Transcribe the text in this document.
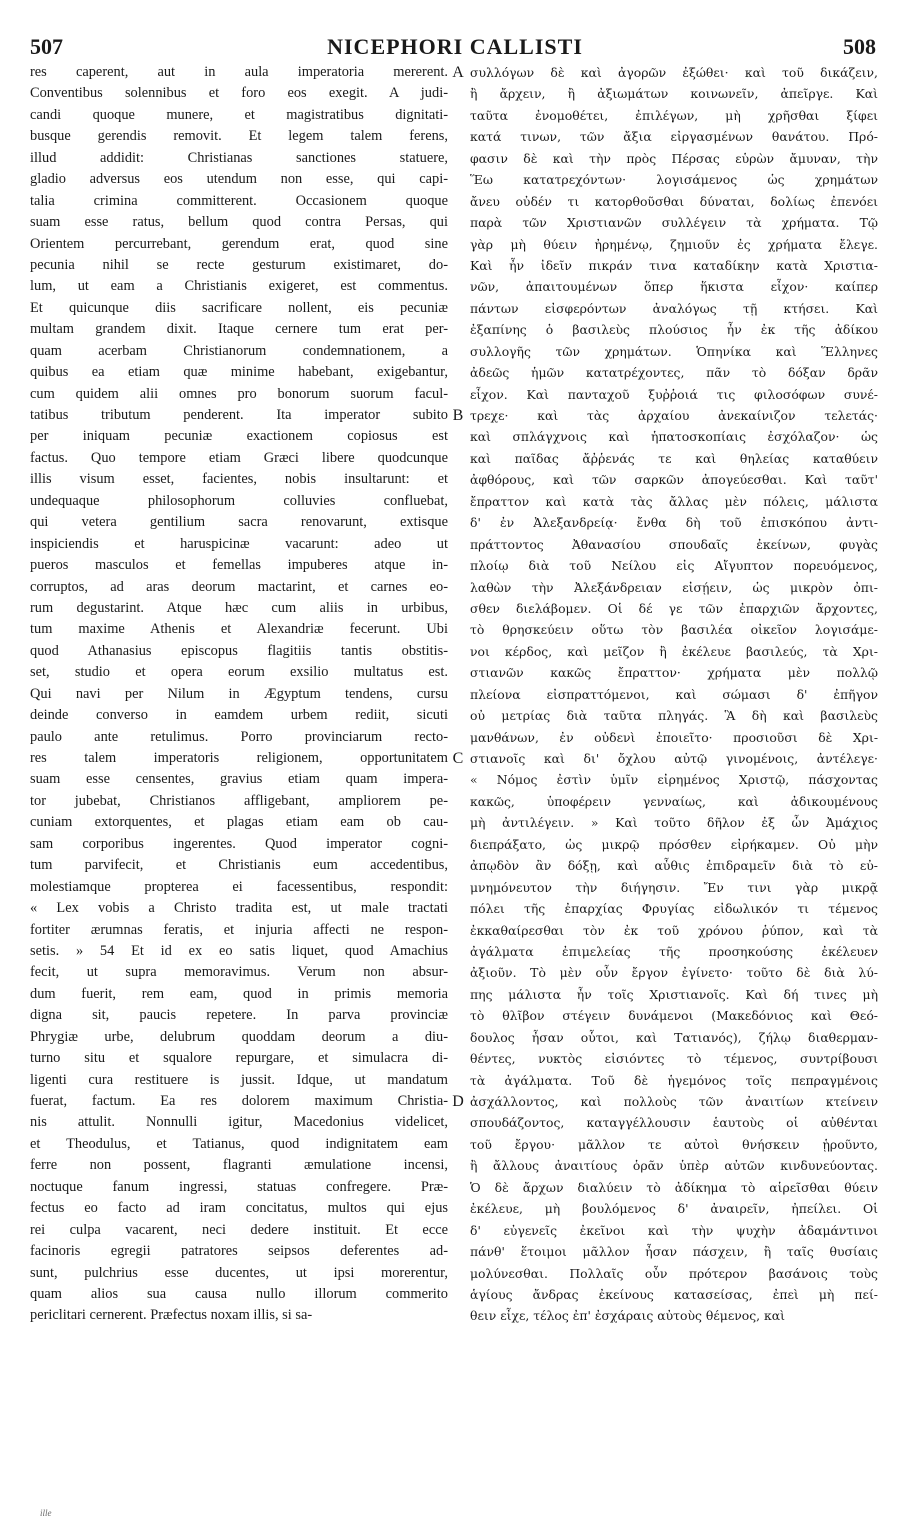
507	NICEPHORI CALLISTI	508
res caperent, aut in aula imperatoria mererent.
Conventibus solennibus et foro eos exegit. A judi-
candi quoque munere, et magistratibus dignitati-
busque gerendis removit. Et legem talem ferens,
illud addidit: Christianas sanctiones statuere,
gladio adversus eos utendum non esse, qui capi-
talia crimina committerent. Occasionem quoque
suam esse ratus, bellum quod contra Persas, qui
Orientem percurrebant, gerendum erat, quod sine
pecunia nihil se recte gesturum existimaret, do-
lum, ut eam a Christianis exigeret, est commentus.
Et quicunque diis sacrificare nollent, eis pecuniæ
multam grandem dixit. Itaque cernere tum erat per-
quam acerbam Christianorum condemnationem, a
quibus ea etiam quæ minime habebant, exigebantur,
cum quidem alii omnes pro bonorum suorum facul-
tatibus tributum penderent. Ita imperator subito
per iniquam pecuniæ exactionem copiosus est
factus. Quo tempore etiam Græci libere quodcunque
illis visum esset, facientes, nobis insultarunt: et
undequaque philosophorum colluvies confluebat,
qui vetera gentilium sacra renovarunt, extisque
inspiciendis et haruspicinæ vacarunt: adeo ut
pueros masculos et femellas impuberes atque in-
corruptos, ad aras deorum mactarint, et carnes eo-
rum degustarint. Atque hæc cum aliis in urbibus,
tum maxime Athenis et Alexandriæ fecerunt. Ubi
quod Athanasius episcopus flagitiis tantis obstitis-
set, studio et opera eorum exsilio multatus est.
Qui navi per Nilum in Ægyptum tendens, cursu
deinde converso in eamdem urbem rediit, sicuti
paulo ante retulimus. Porro provinciarum recto-
res talem imperatoris religionem, opportunitatem
suam esse censentes, gravius etiam quam impera-
tor jubebat, Christianos affligebant, ampliorem pe-
cuniam extorquentes, et plagas etiam eam ob cau-
sam corporibus ingerentes. Quod imperator cogni-
tum parvifecit, et Christianis eum accedentibus,
molestiamque propterea ei facessentibus, respondit:
« Lex vobis a Christo tradita est, ut male tractati
fortiter ærumnas feratis, et injuria affecti ne respon-
setis. » 54 Et id ex eo satis liquet, quod Amachius
fecit, ut supra memoravimus. Verum non absur-
dum fuerit, rem eam, quod in primis memoria
digna sit, paucis repetere. In parva provinciæ
Phrygiæ urbe, delubrum quoddam deorum a diu-
turno situ et squalore repurgare, et simulacra di-
ligenti cura restituere is jussit. Idque, ut mandatum
fuerat, factum. Ea res dolorem maximum Christia-
nis attulit. Nonnulli igitur, Macedonius videlicet,
et Theodulus, et Tatianus, quod indignitatem eam
ferre non possent, flagranti æmulatione incensi,
noctuque fanum ingressi, statuas confregere. Præ-
fectus eo facto ad iram concitatus, multos qui ejus
rei culpa vacarent, neci dedere instituit. Et ecce
facinoris egregii patratores seipsos deferentes ad-
sunt, pulchrius esse ducentes, ut ipsi morerentur,
quam alios sua causa nullo illorum commerito
periclitari cernerent. Præfectus noxam illis, si sa-
A
B
C
D
συλλόγων δὲ καὶ ἀγορῶν ἐξώθει· καὶ τοῦ δικάζειν,
ἢ ἄρχειν, ἢ ἀξιωμάτων κοινωνεῖν, ἀπεῖργε. Καὶ
ταῦτα ἐνομοθέτει, ἐπιλέγων, μὴ χρῆσθαι ξίφει
κατά τινων, τῶν ἄξια εἰργασμένων θανάτου. Πρό-
φασιν δὲ καὶ τὴν πρὸς Πέρσας εὑρὼν ἄμυναν, τὴν
Ἕω κατατρεχόντων· λογισάμενος ὡς χρημάτων
ἄνευ οὐδέν τι κατορθοῦσθαι δύναται, δολίως ἐπενόει
παρὰ τῶν Χριστιανῶν συλλέγειν τὰ χρήματα. Τῷ
γὰρ μὴ θύειν ἠρημένῳ, ζημιοῦν ἐς χρήματα ἔλεγε.
Καὶ ἦν ἰδεῖν πικράν τινα καταδίκην κατὰ Χριστια-
νῶν, ἀπαιτουμένων ὅπερ ἥκιστα εἶχον· καίπερ
πάντων εἰσφερόντων ἀναλόγως τῇ κτήσει. Καὶ
ἐξαπίνης ὁ βασιλεὺς πλούσιος ἦν ἐκ τῆς ἀδίκου
συλλογῆς τῶν χρημάτων. Ὁπηνίκα καὶ Ἕλληνες
ἀδεῶς ἡμῶν κατατρέχοντες, πᾶν τὸ δόξαν δρᾶν
εἶχον. Καὶ πανταχοῦ ξυῤῥοιά τις φιλοσόφων συνέ-
τρεχε· καὶ τὰς ἀρχαίου ἀνεκαίνιζον τελετάς·
καὶ σπλάγχνοις καὶ ἡπατοσκοπίαις ἐσχόλαζον· ὡς
καὶ παῖδας ἄῤῥενάς τε καὶ θηλείας καταθύειν
ἀφθόρους, καὶ τῶν σαρκῶν ἀπογεύεσθαι. Καὶ ταῦτ'
ἔπραττον καὶ κατὰ τὰς ἄλλας μὲν πόλεις, μάλιστα
δ' ἐν Ἀλεξανδρείᾳ· ἔνθα δὴ τοῦ ἐπισκόπου ἀντι-
πράττοντος Ἀθανασίου σπουδαῖς ἐκείνων, φυγὰς
πλοίῳ διὰ τοῦ Νείλου εἰς Αἴγυπτον πορευόμενος,
λαθὼν τὴν Ἀλεξάνδρειαν εἰσῄειν, ὡς μικρὸν ὀπι-
σθεν διελάβομεν. Οἱ δέ γε τῶν ἐπαρχιῶν ἄρχοντες,
τὸ θρησκεύειν οὕτω τὸν βασιλέα οἰκεῖον λογισάμε-
νοι κέρδος, καὶ μεῖζον ἢ ἐκέλευε βασιλεύς, τὰ Χρι-
στιανῶν κακῶς ἔπραττον· χρήματα μὲν πολλῷ
πλείονα εἰσπραττόμενοι, καὶ σώμασι δ' ἐπῆγον
οὐ μετρίας διὰ ταῦτα πληγάς. Ἃ δὴ καὶ βασιλεὺς
μανθάνων, ἐν οὐδενὶ ἐποιεῖτο· προσιοῦσι δὲ Χρι-
στιανοῖς καὶ δι' ὄχλου αὐτῷ γινομένοις, ἀντέλεγε·
« Νόμος ἐστὶν ὑμῖν εἰρημένος Χριστῷ, πάσχοντας
κακῶς, ὑποφέρειν γενναίως, καὶ ἀδικουμένους
μὴ ἀντιλέγειν. » Καὶ τοῦτο δῆλον ἐξ ὧν Ἀμάχιος
διεπράξατο, ὡς μικρῷ πρόσθεν εἰρήκαμεν. Οὐ μὴν
ἀπῳδὸν ἂν δόξῃ, καὶ αὖθις ἐπιδραμεῖν διὰ τὸ εὐ-
μνημόνευτον τὴν διήγησιν. Ἔν τινι γὰρ μικρᾷ
πόλει τῆς ἐπαρχίας Φρυγίας εἰδωλικόν τι τέμενος
ἐκκαθαίρεσθαι τὸν ἐκ τοῦ χρόνου ῥύπον, καὶ τὰ
ἀγάλματα ἐπιμελείας τῆς προσηκούσης ἐκέλευεν
ἀξιοῦν. Τὸ μὲν οὖν ἔργον ἐγίνετο· τοῦτο δὲ διὰ λύ-
πης μάλιστα ἦν τοῖς Χριστιανοῖς. Καὶ δή τινες μὴ
τὸ θλῖβον στέγειν δυνάμενοι (Μακεδόνιος καὶ Θεό-
δουλος ἦσαν οὗτοι, καὶ Τατιανός), ζήλῳ διαθερμαν-
θέντες, νυκτὸς εἰσιόντες τὸ τέμενος, συντρίβουσι
τὰ ἀγάλματα. Τοῦ δὲ ἡγεμόνος τοῖς πεπραγμένοις
ἀσχάλλοντος, καὶ πολλοὺς τῶν ἀναιτίων κτείνειν
σπουδάζοντος, καταγγέλλουσιν ἑαυτοὺς οἱ αὐθένται
τοῦ ἔργου· μᾶλλον τε αὐτοὶ θνήσκειν ᾑροῦντο,
ἢ ἄλλους ἀναιτίους ὁρᾶν ὑπὲρ αὐτῶν κινδυνεύοντας.
Ὁ δὲ ἄρχων διαλύειν τὸ ἀδίκημα τὸ αἱρεῖσθαι θύειν
ἐκέλευε, μὴ βουλόμενος δ' ἀναιρεῖν, ἠπείλει. Οἱ
δ' εὐγενεῖς ἐκεῖνοι καὶ τὴν ψυχὴν ἀδαμάντινοι
πάνθ' ἕτοιμοι μᾶλλον ἦσαν πάσχειν, ἢ ταῖς θυσίαις
μολύνεσθαι. Πολλαῖς οὖν πρότερον βασάνοις τοὺς
ἁγίους ἄνδρας ἐκείνους κατασείσας, ἐπεὶ μὴ πεί-
θειν εἶχε, τέλος ἐπ' ἐσχάραις αὐτοὺς θέμενος, καὶ
ille
